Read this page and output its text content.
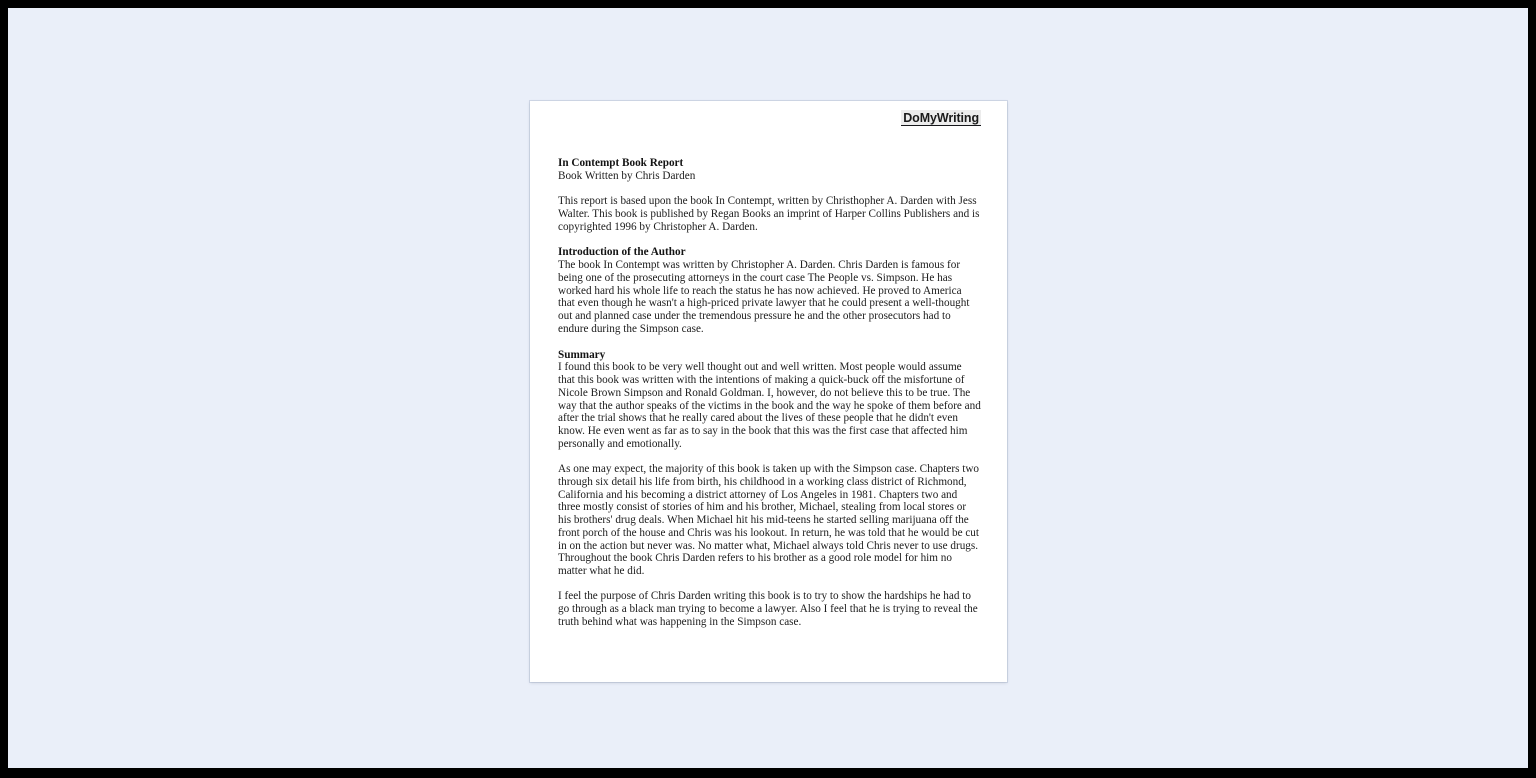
DoMyWriting
In Contempt Book Report
Book Written by Chris Darden

This report is based upon the book In Contempt, written by Christhopher A. Darden with Jess Walter. This book is published by Regan Books an imprint of Harper Collins Publishers and is copyrighted 1996 by Christopher A. Darden.

Introduction of the Author

The book In Contempt was written by Christopher A. Darden. Chris Darden is famous for being one of the prosecuting attorneys in the court case The People vs. Simpson. He has worked hard his whole life to reach the status he has now achieved. He proved to America that even though he wasn't a high-priced private lawyer that he could present a well-thought out and planned case under the tremendous pressure he and the other prosecutors had to endure during the Simpson case.

Summary

I found this book to be very well thought out and well written. Most people would assume that this book was written with the intentions of making a quick-buck off the misfortune of Nicole Brown Simpson and Ronald Goldman. I, however, do not believe this to be true. The way that the author speaks of the victims in the book and the way he spoke of them before and after the trial shows that he really cared about the lives of these people that he didn't even know. He even went as far as to say in the book that this was the first case that affected him personally and emotionally.

As one may expect, the majority of this book is taken up with the Simpson case. Chapters two through six detail his life from birth, his childhood in a working class district of Richmond, California and his becoming a district attorney of Los Angeles in 1981. Chapters two and three mostly consist of stories of him and his brother, Michael, stealing from local stores or his brothers' drug deals. When Michael hit his mid-teens he started selling marijuana off the front porch of the house and Chris was his lookout. In return, he was told that he would be cut in on the action but never was. No matter what, Michael always told Chris never to use drugs. Throughout the book Chris Darden refers to his brother as a good role model for him no matter what he did.

I feel the purpose of Chris Darden writing this book is to try to show the hardships he had to go through as a black man trying to become a lawyer. Also I feel that he is trying to reveal the truth behind what was happening in the Simpson case.
